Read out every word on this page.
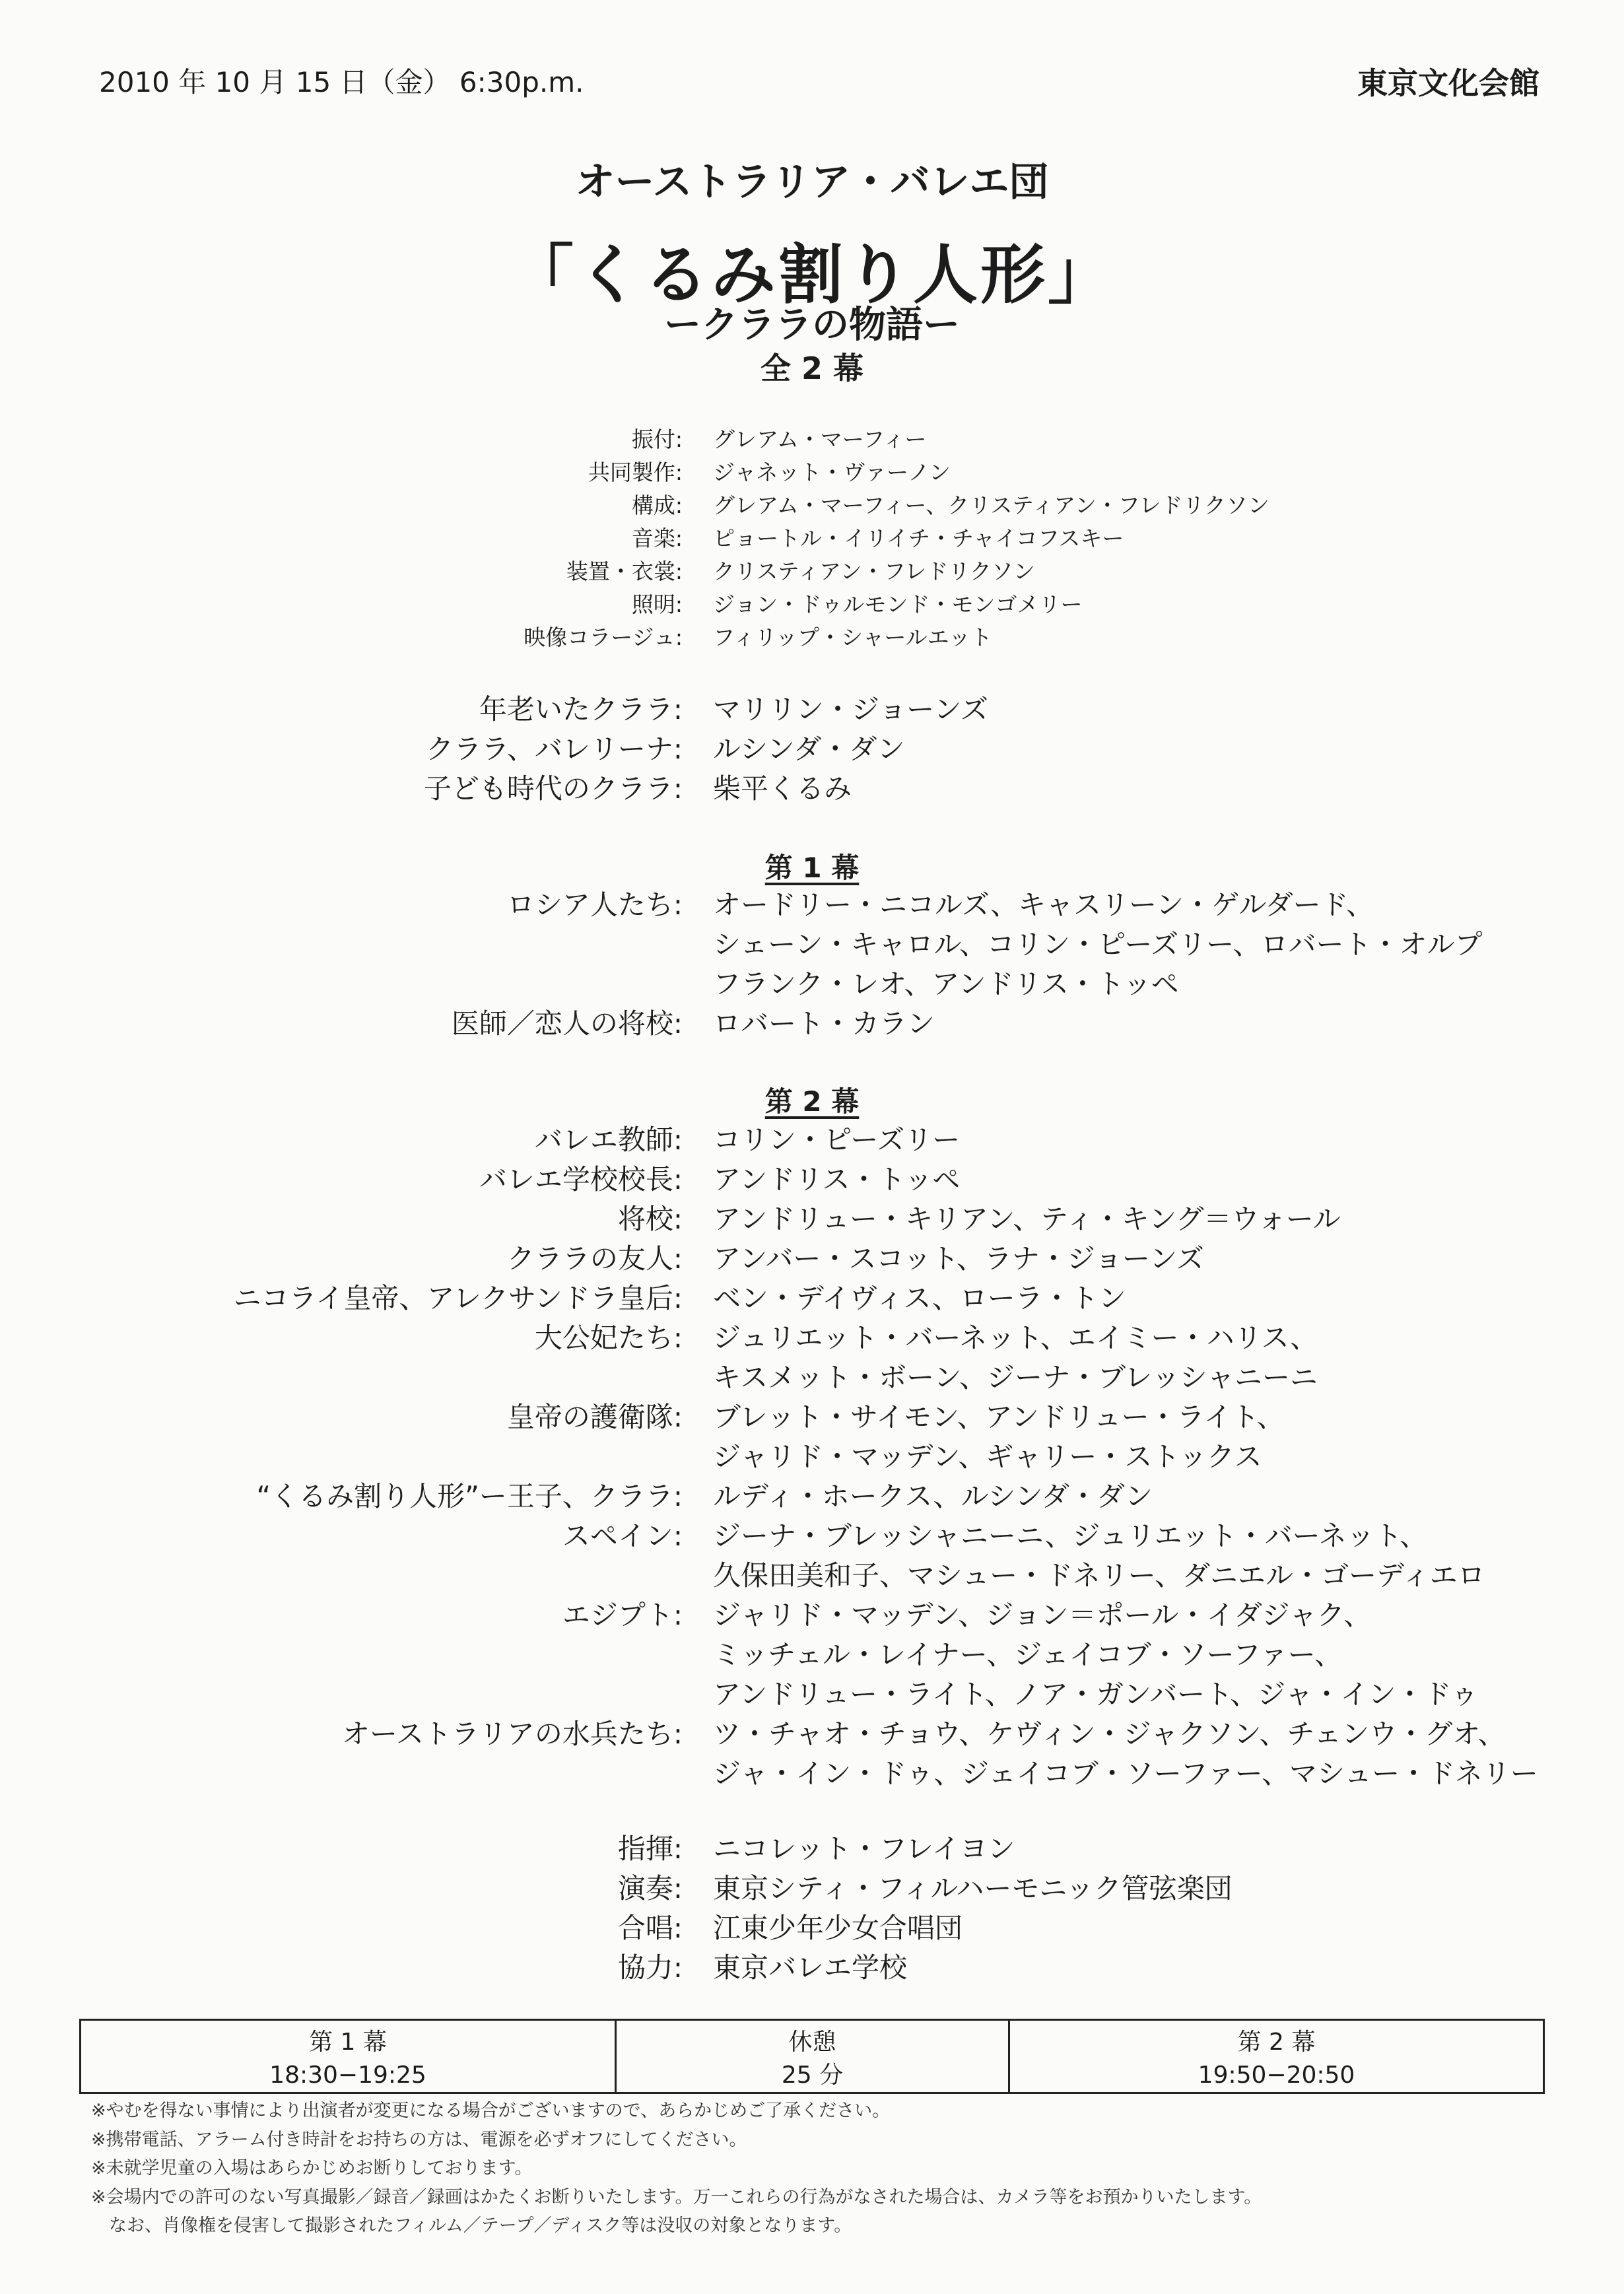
2010 年 10 月 15 日（金） 6:30p.m.	東京文化会館
オーストラリア・バレエ団
「くるみ割り人形」
ークララの物語ー
全 2 幕
振付: グレアム・マーフィー
共同製作: ジャネット・ヴァーノン
構成: グレアム・マーフィー、クリスティアン・フレドリクソン
音楽: ピョートル・イリイチ・チャイコフスキー
装置・衣裳: クリスティアン・フレドリクソン
照明: ジョン・ドゥルモンド・モンゴメリー
映像コラージュ: フィリップ・シャールエット
年老いたクララ: マリリン・ジョーンズ
クララ、バレリーナ: ルシンダ・ダン
子ども時代のクララ: 柴平くるみ
第 1 幕
ロシア人たち: オードリー・ニコルズ、キャスリーン・ゲルダード、
シェーン・キャロル、コリン・ピーズリー、ロバート・オルプ
フランク・レオ、アンドリス・トッペ
医師／恋人の将校: ロバート・カラン
第 2 幕
バレエ教師: コリン・ピーズリー
バレエ学校校長: アンドリス・トッペ
将校: アンドリュー・キリアン、ティ・キング＝ウォール
クララの友人: アンバー・スコット、ラナ・ジョーンズ
ニコライ皇帝、アレクサンドラ皇后: ベン・デイヴィス、ローラ・トン
大公妃たち: ジュリエット・バーネット、エイミー・ハリス、
キスメット・ボーン、ジーナ・ブレッシャニーニ
皇帝の護衛隊: ブレット・サイモン、アンドリュー・ライト、
ジャリド・マッデン、ギャリー・ストックス
“くるみ割り人形”ー王子、クララ: ルディ・ホークス、ルシンダ・ダン
スペイン: ジーナ・ブレッシャニーニ、ジュリエット・バーネット、
久保田美和子、マシュー・ドネリー、ダニエル・ゴーディエロ
エジプト: ジャリド・マッデン、ジョン＝ポール・イダジャク、
ミッチェル・レイナー、ジェイコブ・ソーファー、
アンドリュー・ライト、ノア・ガンバート、ジャ・イン・ドゥ
オーストラリアの水兵たち: ツ・チャオ・チョウ、ケヴィン・ジャクソン、チェンウ・グオ、
ジャ・イン・ドゥ、ジェイコブ・ソーファー、マシュー・ドネリー
指揮: ニコレット・フレイヨン
演奏: 東京シティ・フィルハーモニック管弦楽団
合唱: 江東少年少女合唱団
協力: 東京バレエ学校
第 1 幕
18:30−19:25
休憩
25 分
第 2 幕
19:50−20:50
※やむを得ない事情により出演者が変更になる場合がございますので、あらかじめご了承ください。
※携帯電話、アラーム付き時計をお持ちの方は、電源を必ずオフにしてください。
※未就学児童の入場はあらかじめお断りしております。
※会場内での許可のない写真撮影／録音／録画はかたくお断りいたします。万一これらの行為がなされた場合は、カメラ等をお預かりいたします。
　なお、肖像権を侵害して撮影されたフィルム／テープ／ディスク等は没収の対象となります。
